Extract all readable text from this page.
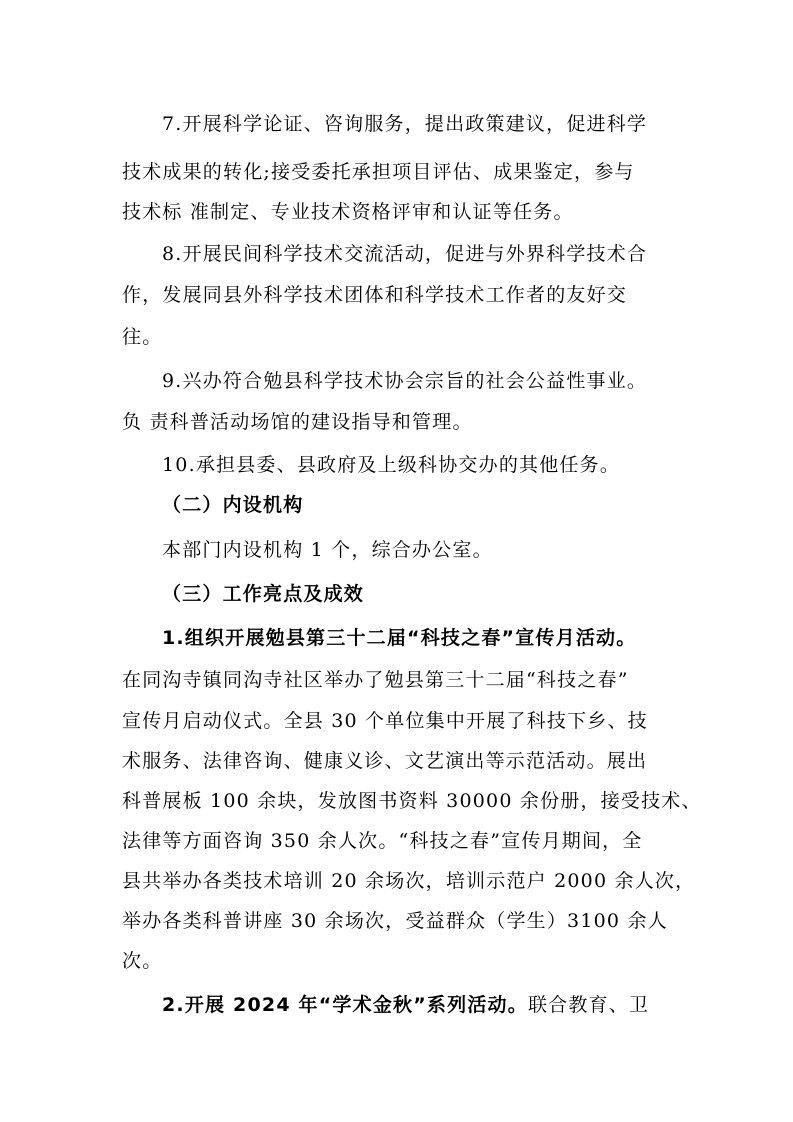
7.开展科学论证、咨询服务，提出政策建议，促进科学
技术成果的转化;接受委托承担项目评估、成果鉴定，参与
技术标 准制定、专业技术资格评审和认证等任务。
8.开展民间科学技术交流活动，促进与外界科学技术合
作，发展同县外科学技术团体和科学技术工作者的友好交
往。
9.兴办符合勉县科学技术协会宗旨的社会公益性事业。
负 责科普活动场馆的建设指导和管理。
10.承担县委、县政府及上级科协交办的其他任务。
（二）内设机构
本部门内设机构 1 个，综合办公室。
（三）工作亮点及成效
1.组织开展勉县第三十二届“科技之春”宣传月活动。
在同沟寺镇同沟寺社区举办了勉县第三十二届“科技之春”
宣传月启动仪式。全县 30 个单位集中开展了科技下乡、技
术服务、法律咨询、健康义诊、文艺演出等示范活动。展出
科普展板 100 余块，发放图书资料 30000 余份册，接受技术、
法律等方面咨询 350 余人次。“科技之春”宣传月期间，全
县共举办各类技术培训 20 余场次，培训示范户 2000 余人次，
举办各类科普讲座 30 余场次，受益群众（学生）3100 余人
次。
2.开展 2024 年“学术金秋”系列活动。联合教育、卫
